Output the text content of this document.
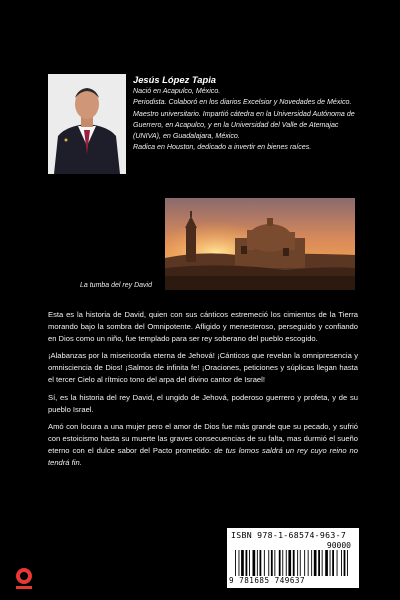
Jesús López Tapia

Nació en Acapulco, México.

Periodista. Colaboró en los diarios Excelsior y Novedades de México. Maestro universitario. Impartió cátedra en la Universidad Autónoma de Guerrero, en Acapulco, y en la Universidad del Valle de Atemajac (UNIVA), en Guadalajara, México.

Radica en Houston, dedicado a invertir en bienes raíces.

La tumba del rey David

Esta es la historia de David, quien con sus cánticos estremeció los cimientos de la Tierra morando bajo la sombra del Omnipotente. Afligido y menesteroso, perseguido y confiando en Dios como un niño, fue templado para ser rey soberano del pueblo escogido.

¡Alabanzas por la misericordia eterna de Jehová! ¡Cánticos que revelan la omnipresencia y omnisciencia de Dios! ¡Salmos de infinita fe! ¡Oraciones, peticiones y súplicas llegan hasta el tercer Cielo al rítmico tono del arpa del divino cantor de Israel!

Sí, es la historia del rey David, el ungido de Jehová, poderoso guerrero y profeta, y de su pueblo Israel.

Amó con locura a una mujer pero el amor de Dios fue más grande que su pecado, y sufrió con estoicismo hasta su muerte las graves consecuencias de su falta, mas durmió el sueño eterno con el dulce sabor del Pacto prometido: de tus lomos saldrá un rey cuyo reino no tendrá fin.

ISBN 978-1-68574-963-7
90000
9 781685 749637
